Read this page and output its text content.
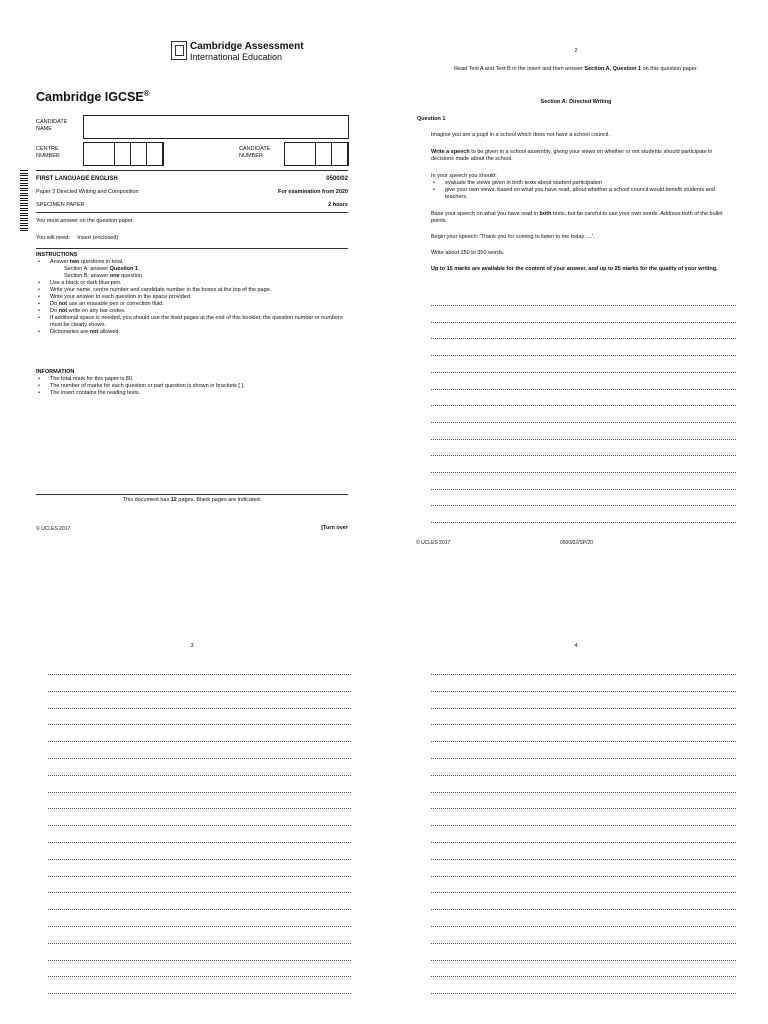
Cambridge Assessment
International Education
Cambridge IGCSE®
CANDIDATE
NAME
CENTRE
NUMBER
CANDIDATE
NUMBER
FIRST LANGUAGE ENGLISH	0500/02
Paper 2 Directed Writing and Composition	For examination from 2020
SPECIMEN PAPER	2 hours
You must answer on the question paper.
You will need: Insert (enclosed)
INSTRUCTIONS
• Answer two questions in total.
Section A: answer Question 1.
Section B: answer one question.
• Use a black or dark blue pen.
• Write your name, centre number and candidate number in the boxes at the top of the page.
• Write your answer to each question in the space provided.
• Do not use an erasable pen or correction fluid.
• Do not write on any bar codes.
• If additional space is needed, you should use the lined pages at the end of this booklet; the question number or numbers must be clearly shown.
• Dictionaries are not allowed.
INFORMATION
• The total mark for this paper is 80.
• The number of marks for each question or part question is shown in brackets [ ].
• The insert contains the reading texts.
This document has 12 pages. Blank pages are indicated.
© UCLES 2017	[Turn over
2
Read Text A and Text B in the insert and then answer Section A, Question 1 on this question paper.
Section A: Directed Writing
Question 1
Imagine you are a pupil in a school which does not have a school council.
Write a speech to be given in a school assembly, giving your views on whether or not students should participate in decisions made about the school.
In your speech you should:
• evaluate the views given in both texts about student participation
• give your own views, based on what you have read, about whether a school council would benefit students and teachers.
Base your speech on what you have read in both texts, but be careful to use your own words. Address both of the bullet points.
Begin your speech: 'Thank you for coming to listen to me today ....'.
Write about 250 to 350 words.
Up to 15 marks are available for the content of your answer, and up to 25 marks for the quality of your writing.
© UCLES 2017	0500/02/SP/20
3	4
